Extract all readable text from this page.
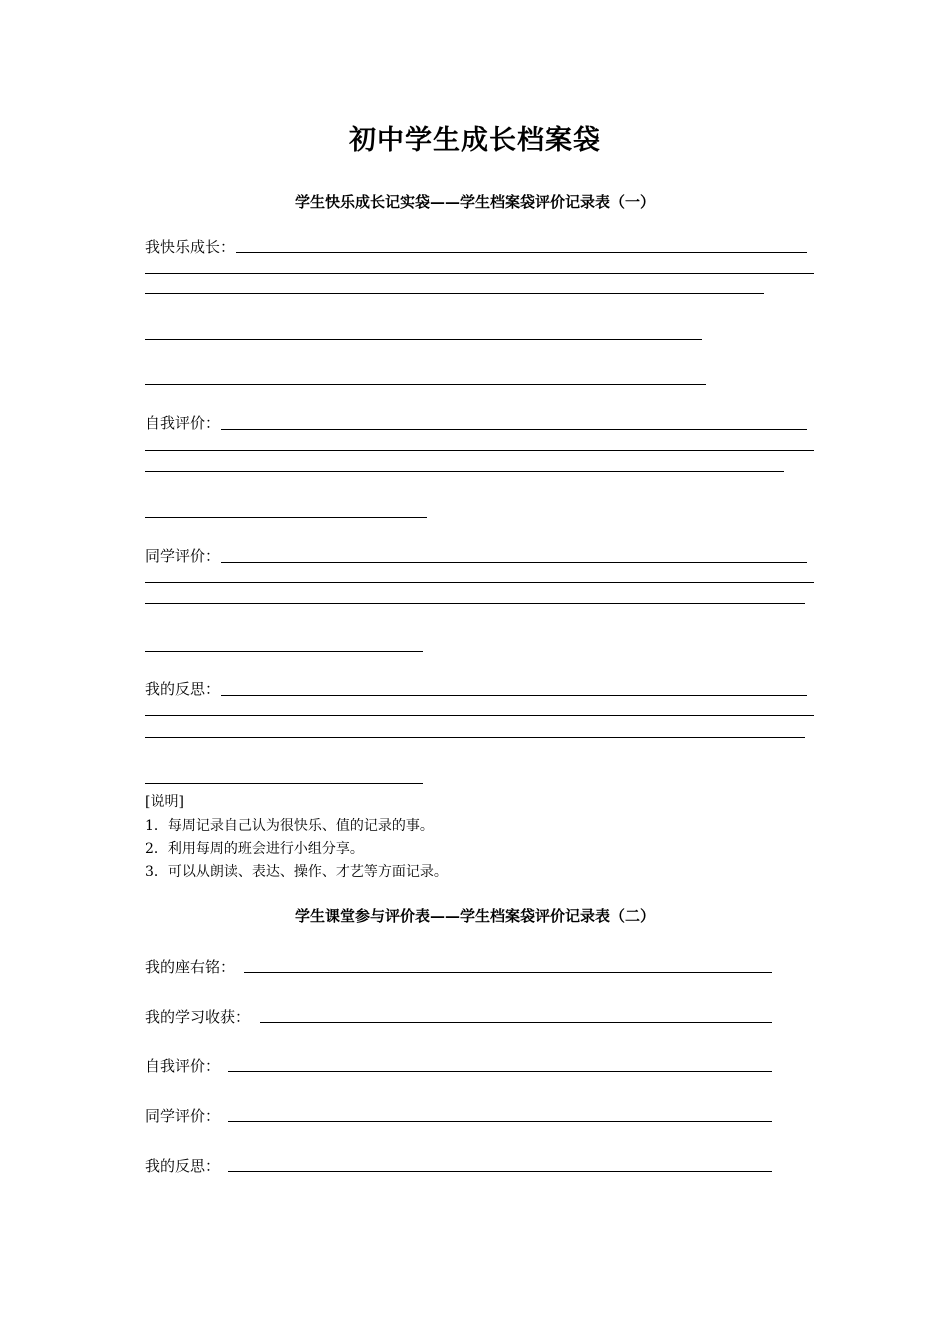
初中学生成长档案袋
学生快乐成长记实袋——学生档案袋评价记录表（一）
我快乐成长：
自我评价：
同学评价：
我的反思：
[说明]
1．每周记录自己认为很快乐、值的记录的事。
2．利用每周的班会进行小组分享。
3．可以从朗读、表达、操作、才艺等方面记录。
学生课堂参与评价表——学生档案袋评价记录表（二）
我的座右铭：
我的学习收获：
自我评价：
同学评价：
我的反思：
